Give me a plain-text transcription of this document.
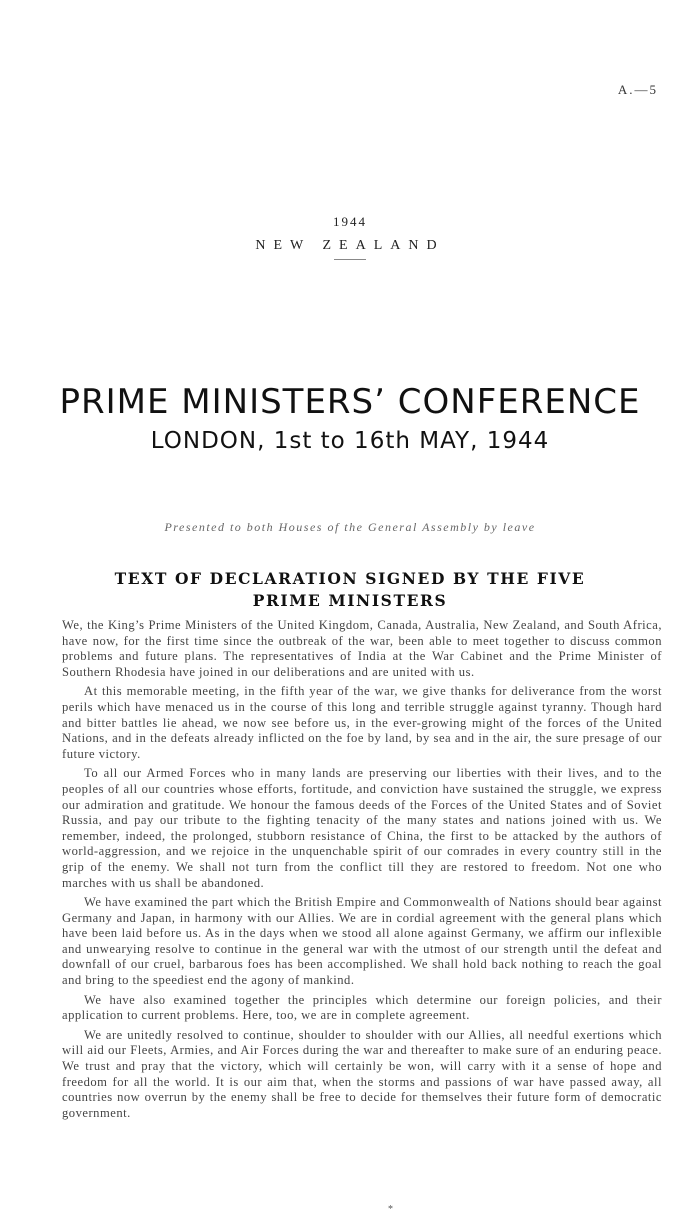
A.—5
1944
NEW ZEALAND
PRIME MINISTERS’ CONFERENCE
LONDON, 1st to 16th MAY, 1944
Presented to both Houses of the General Assembly by leave
TEXT OF DECLARATION SIGNED BY THE FIVE
PRIME MINISTERS

We, the King’s Prime Ministers of the United Kingdom, Canada, Australia, New Zealand, and South Africa, have now, for the first time since the outbreak of the war, been able to meet together to discuss common problems and future plans. The representatives of India at the War Cabinet and the Prime Minister of Southern Rhodesia have joined in our deliberations and are united with us.

At this memorable meeting, in the fifth year of the war, we give thanks for deliverance from the worst perils which have menaced us in the course of this long and terrible struggle against tyranny. Though hard and bitter battles lie ahead, we now see before us, in the ever-growing might of the forces of the United Nations, and in the defeats already inflicted on the foe by land, by sea and in the air, the sure presage of our future victory.

To all our Armed Forces who in many lands are preserving our liberties with their lives, and to the peoples of all our countries whose efforts, fortitude, and conviction have sustained the struggle, we express our admiration and gratitude. We honour the famous deeds of the Forces of the United States and of Soviet Russia, and pay our tribute to the fighting tenacity of the many states and nations joined with us. We remember, indeed, the prolonged, stubborn resistance of China, the first to be attacked by the authors of world-aggression, and we rejoice in the unquenchable spirit of our comrades in every country still in the grip of the enemy. We shall not turn from the conflict till they are restored to freedom. Not one who marches with us shall be abandoned.

We have examined the part which the British Empire and Commonwealth of Nations should bear against Germany and Japan, in harmony with our Allies. We are in cordial agreement with the general plans which have been laid before us. As in the days when we stood all alone against Germany, we affirm our inflexible and unwearying resolve to continue in the general war with the utmost of our strength until the defeat and downfall of our cruel, barbarous foes has been accomplished. We shall hold back nothing to reach the goal and bring to the speediest end the agony of mankind.

We have also examined together the principles which determine our foreign policies, and their application to current problems. Here, too, we are in complete agreement.

We are unitedly resolved to continue, shoulder to shoulder with our Allies, all needful exertions which will aid our Fleets, Armies, and Air Forces during the war and thereafter to make sure of an enduring peace. We trust and pray that the victory, which will certainly be won, will carry with it a sense of hope and freedom for all the world. It is our aim that, when the storms and passions of war have passed away, all countries now overrun by the enemy shall be free to decide for themselves their future form of democratic government.

*
